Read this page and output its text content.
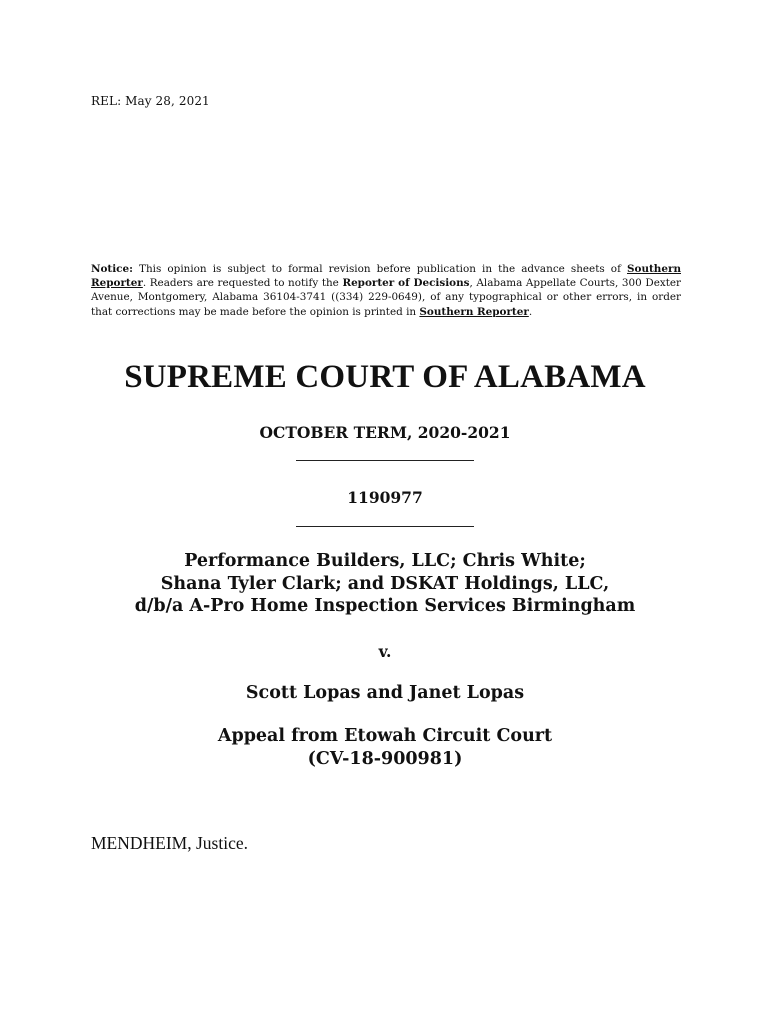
REL: May 28, 2021
Notice: This opinion is subject to formal revision before publication in the advance sheets of Southern Reporter. Readers are requested to notify the Reporter of Decisions, Alabama Appellate Courts, 300 Dexter Avenue, Montgomery, Alabama 36104-3741 ((334) 229-0649), of any typographical or other errors, in order that corrections may be made before the opinion is printed in Southern Reporter.
SUPREME COURT OF ALABAMA
OCTOBER TERM, 2020-2021
1190977
Performance Builders, LLC; Chris White;
Shana Tyler Clark; and DSKAT Holdings, LLC,
d/b/a A-Pro Home Inspection Services Birmingham
v.
Scott Lopas and Janet Lopas
Appeal from Etowah Circuit Court
(CV-18-900981)
MENDHEIM, Justice.
